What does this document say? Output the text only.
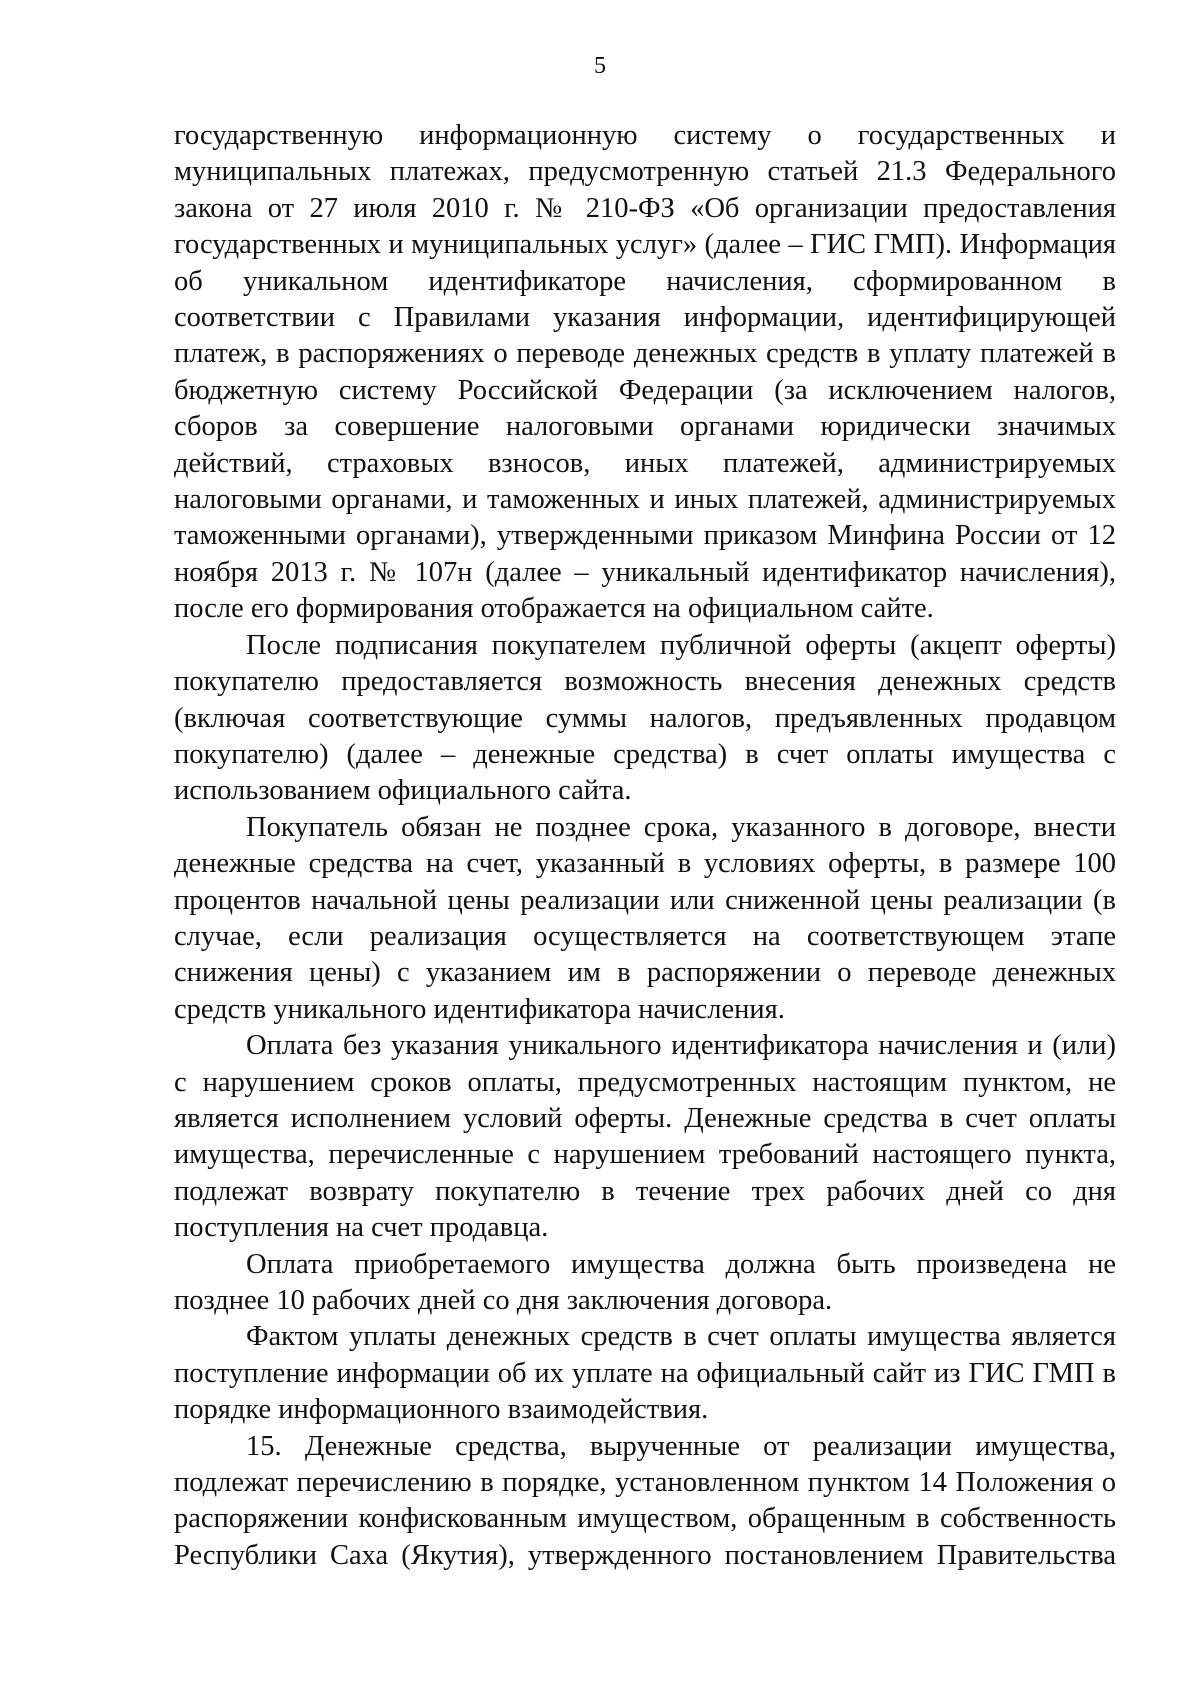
5

государственную информационную систему о государственных и муниципальных платежах, предусмотренную статьей 21.3 Федерального закона от 27 июля 2010 г. № 210-ФЗ «Об организации предоставления государственных и муниципальных услуг» (далее – ГИС ГМП). Информация об уникальном идентификаторе начисления, сформированном в соответствии с Правилами указания информации, идентифицирующей платеж, в распоряжениях о переводе денежных средств в уплату платежей в бюджетную систему Российской Федерации (за исключением налогов, сборов за совершение налоговыми органами юридически значимых действий, страховых взносов, иных платежей, администрируемых налоговыми органами, и таможенных и иных платежей, администрируемых таможенными органами), утвержденными приказом Минфина России от 12 ноября 2013 г. № 107н (далее – уникальный идентификатор начисления), после его формирования отображается на официальном сайте.

После подписания покупателем публичной оферты (акцепт оферты) покупателю предоставляется возможность внесения денежных средств (включая соответствующие суммы налогов, предъявленных продавцом покупателю) (далее – денежные средства) в счет оплаты имущества с использованием официального сайта.

Покупатель обязан не позднее срока, указанного в договоре, внести денежные средства на счет, указанный в условиях оферты, в размере 100 процентов начальной цены реализации или сниженной цены реализации (в случае, если реализация осуществляется на соответствующем этапе снижения цены) с указанием им в распоряжении о переводе денежных средств уникального идентификатора начисления.

Оплата без указания уникального идентификатора начисления и (или) с нарушением сроков оплаты, предусмотренных настоящим пунктом, не является исполнением условий оферты. Денежные средства в счет оплаты имущества, перечисленные с нарушением требований настоящего пункта, подлежат возврату покупателю в течение трех рабочих дней со дня поступления на счет продавца.

Оплата приобретаемого имущества должна быть произведена не позднее 10 рабочих дней со дня заключения договора.

Фактом уплаты денежных средств в счет оплаты имущества является поступление информации об их уплате на официальный сайт из ГИС ГМП в порядке информационного взаимодействия.

15. Денежные средства, вырученные от реализации имущества, подлежат перечислению в порядке, установленном пунктом 14 Положения о распоряжении конфискованным имуществом, обращенным в собственность Республики Саха (Якутия), утвержденного постановлением Правительства
